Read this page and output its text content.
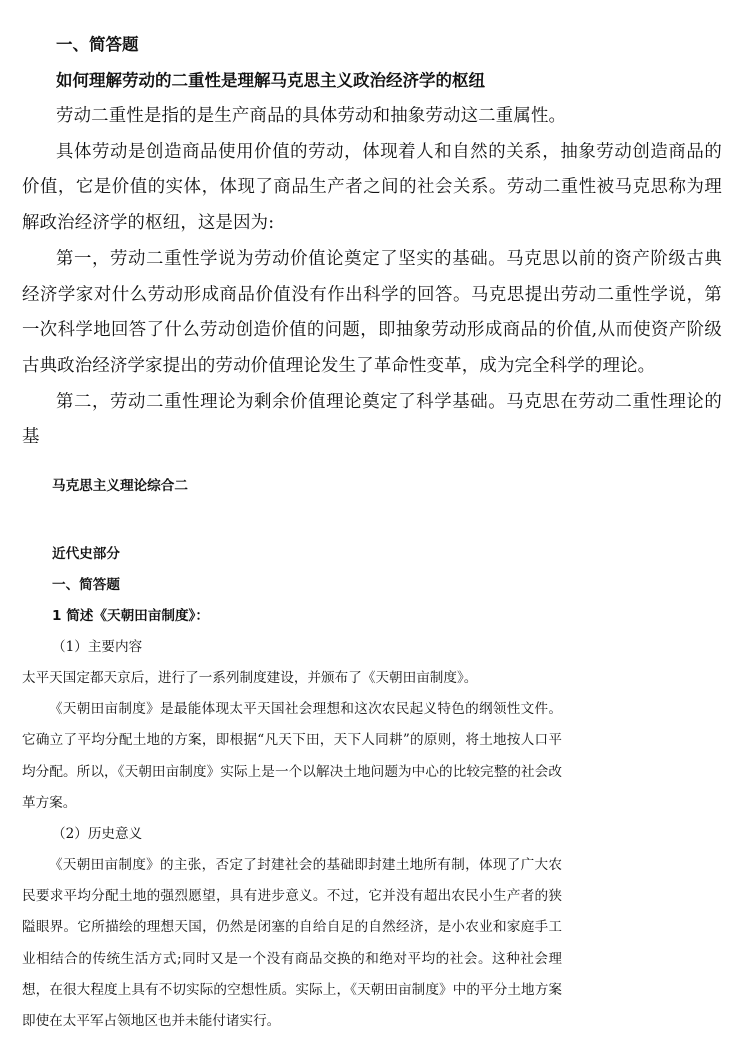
一、简答题
如何理解劳动的二重性是理解马克思主义政治经济学的枢纽

劳动二重性是指的是生产商品的具体劳动和抽象劳动这二重属性。

具体劳动是创造商品使用价值的劳动，体现着人和自然的关系，抽象劳动创造商品的价值，它是价值的实体，体现了商品生产者之间的社会关系。劳动二重性被马克思称为理解政治经济学的枢纽，这是因为:

第一，劳动二重性学说为劳动价值论奠定了坚实的基础。马克思以前的资产阶级古典经济学家对什么劳动形成商品价值没有作出科学的回答。马克思提出劳动二重性学说，第一次科学地回答了什么劳动创造价值的问题，即抽象劳动形成商品的价值,从而使资产阶级古典政治经济学家提出的劳动价值理论发生了革命性变革，成为完全科学的理论。

第二，劳动二重性理论为剩余价值理论奠定了科学基础。马克思在劳动二重性理论的基

马克思主义理论综合二
近代史部分
一、简答题
1 简述《天朝田亩制度》：

（1）主要内容

太平天国定都天京后，进行了一系列制度建设，并颁布了《天朝田亩制度》。

《天朝田亩制度》是最能体现太平天国社会理想和这次农民起义特色的纲领性文件。它确立了平均分配土地的方案，即根据“凡天下田，天下人同耕”的原则，将土地按人口平均分配。所以，《天朝田亩制度》实际上是一个以解决土地问题为中心的比较完整的社会改革方案。

（2）历史意义

《天朝田亩制度》的主张，否定了封建社会的基础即封建土地所有制，体现了广大农民要求平均分配土地的强烈愿望，具有进步意义。不过，它并没有超出农民小生产者的狭隘眼界。它所描绘的理想天国，仍然是闭塞的自给自足的自然经济，是小农业和家庭手工业相结合的传统生活方式;同时又是一个没有商品交换的和绝对平均的社会。这种社会理想，在很大程度上具有不切实际的空想性质。实际上，《天朝田亩制度》中的平分土地方案即使在太平军占领地区也并未能付诸实行。
